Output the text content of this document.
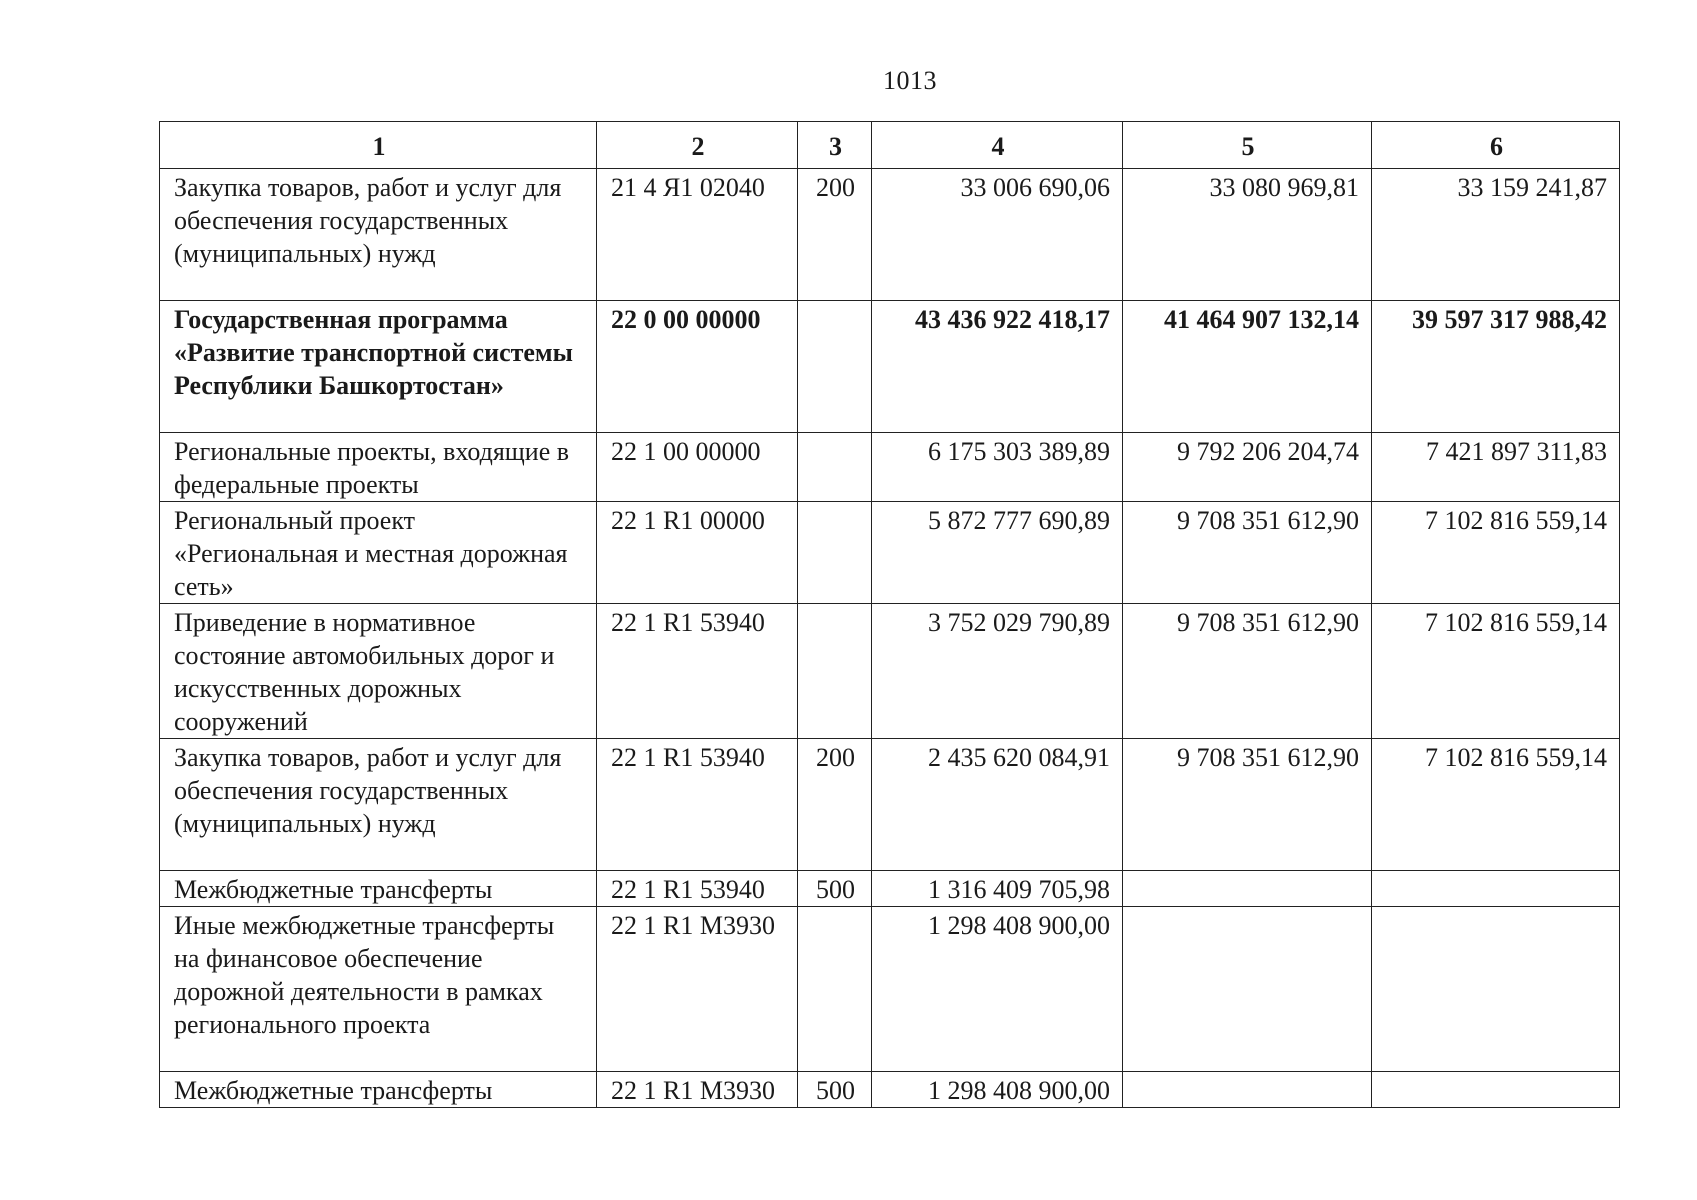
1013
1	2	3	4	5	6
Закупка товаров, работ и услуг для обеспечения государственных (муниципальных) нужд	21 4 Я1 02040	200	33 006 690,06	33 080 969,81	33 159 241,87
Государственная программа «Развитие транспортной системы Республики Башкортостан»	22 0 00 00000		43 436 922 418,17	41 464 907 132,14	39 597 317 988,42
Региональные проекты, входящие в федеральные проекты	22 1 00 00000		6 175 303 389,89	9 792 206 204,74	7 421 897 311,83
Региональный проект «Региональная и местная дорожная сеть»	22 1 R1 00000		5 872 777 690,89	9 708 351 612,90	7 102 816 559,14
Приведение в нормативное состояние автомобильных дорог и искусственных дорожных сооружений	22 1 R1 53940		3 752 029 790,89	9 708 351 612,90	7 102 816 559,14
Закупка товаров, работ и услуг для обеспечения государственных (муниципальных) нужд	22 1 R1 53940	200	2 435 620 084,91	9 708 351 612,90	7 102 816 559,14
Межбюджетные трансферты	22 1 R1 53940	500	1 316 409 705,98		
Иные межбюджетные трансферты на финансовое обеспечение дорожной деятельности в рамках регионального проекта	22 1 R1 M3930		1 298 408 900,00		
Межбюджетные трансферты	22 1 R1 M3930	500	1 298 408 900,00		
